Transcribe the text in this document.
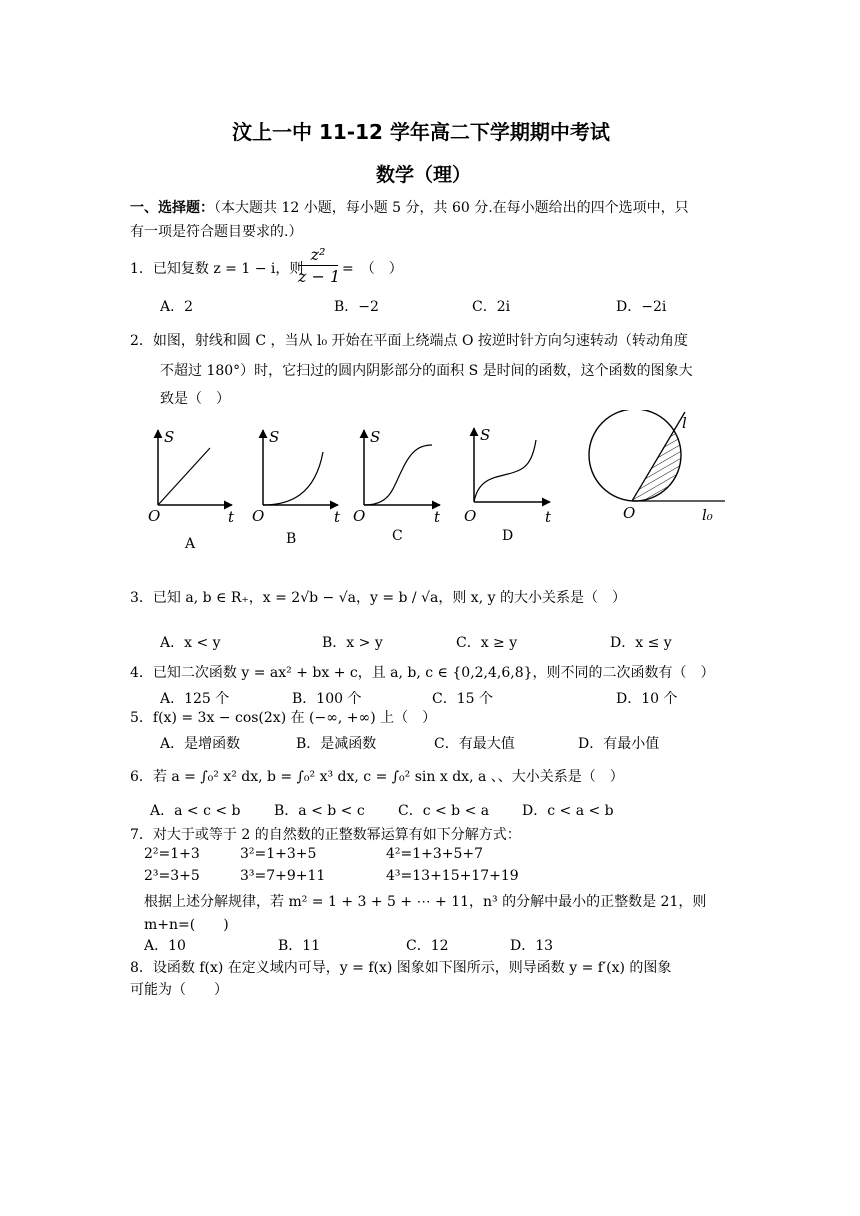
汶上一中 11-12 学年高二下学期期中考试
数学（理）
一、选择题：（本大题共 12 小题，每小题 5 分，共 60 分.在每小题给出的四个选项中，只
有一项是符合题目要求的.）
1．已知复数 z = 1 − i，则
$\frac{\text{z²}}{z - 1}$ =　（　）
A．2	B．−2	C．2i	D．−2i
2．如图，射线和圆 C ，当从 l₀ 开始在平面上绕端点 O 按逆时针方向匀速转动（转动角度
不超过 180°）时，它扫过的圆内阴影部分的面积 S 是时间的函数，这个函数的图象大
致是（　）
S
t
O
A
S
t
O
B
S
t
O
C
S
t
O
D
l
O	l₀
3．已知 a, b ∈ R₊，x = 2√b − √a，y = b / √a，则 x, y 的大小关系是（　）
A．x < y	B．x > y	C．x ≥ y	D．x ≤ y
4．已知二次函数 y = ax² + bx + c，且 a, b, c ∈ {0,2,4,6,8}，则不同的二次函数有（　）
A．125 个	B．100 个	C．15 个	D．10 个
5．f(x) = 3x − cos(2x) 在 (−∞, +∞) 上（　）
A．是增函数	B．是减函数	C．有最大值	D．有最小值
6．若 a = ∫₀² x² dx, b = ∫₀² x³ dx, c = ∫₀² sin x dx, a 、、大小关系是（　）
A．a < c < b B．a < b < c C．c < b < a D．c < a < b
7．对大于或等于 2 的自然数的正整数幂运算有如下分解方式：
2²=1+3	3²=1+3+5	4²=1+3+5+7
2³=3+5	3³=7+9+11	4³=13+15+17+19
根据上述分解规律，若 m² = 1 + 3 + 5 + ⋯ + 11，n³ 的分解中最小的正整数是 21，则
m+n=(　　)
A．10	B．11	C．12	D．13
8．设函数 f(x) 在定义域内可导，y = f(x) 图象如下图所示，则导函数 y = f′(x) 的图象
可能为（　　）
